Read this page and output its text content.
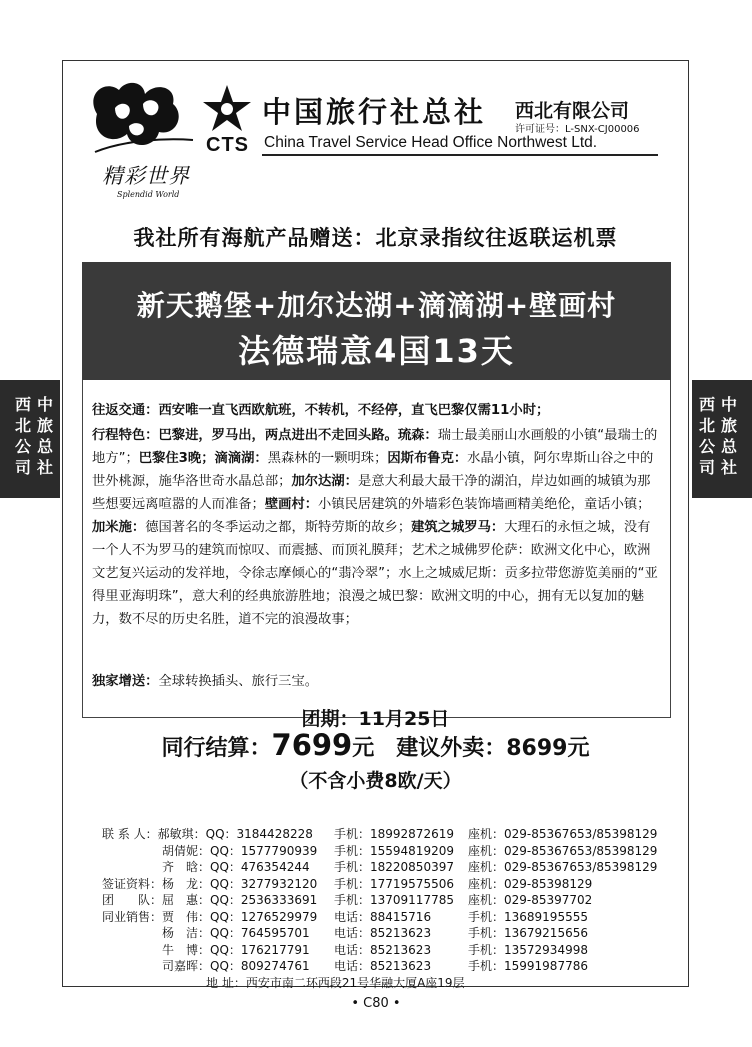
精彩世界
Splendid World
CTS
中国旅行社总社 西北有限公司
许可证号：L-SNX-CJ00006
China Travel Service Head Office Northwest Ltd.
我社所有海航产品赠送：北京录指纹往返联运机票
新天鹅堡+加尔达湖+滴滴湖+壁画村
法德瑞意4国13天
西北公司
中旅总社
西北公司
中旅总社
往返交通：西安唯一直飞西欧航班，不转机，不经停，直飞巴黎仅需11小时；
行程特色：巴黎进，罗马出，两点进出不走回头路。琉森：瑞士最美丽山水画般的小镇“最瑞士的地方”；巴黎住3晚；滴滴湖：黑森林的一颗明珠；因斯布鲁克：水晶小镇，阿尔卑斯山谷之中的世外桃源，施华洛世奇水晶总部；加尔达湖：是意大利最大最干净的湖泊，岸边如画的城镇为那些想要远离喧嚣的人而准备；壁画村：小镇民居建筑的外墙彩色装饰墙画精美绝伦，童话小镇；加米施：德国著名的冬季运动之都，斯特劳斯的故乡；建筑之城罗马：大理石的永恒之城，没有一个人不为罗马的建筑而惊叹、而震撼、而顶礼膜拜；艺术之城佛罗伦萨：欧洲文化中心，欧洲文艺复兴运动的发祥地，令徐志摩倾心的“翡冷翠”；水上之城威尼斯：贡多拉带您游览美丽的“亚得里亚海明珠”，意大利的经典旅游胜地；浪漫之城巴黎：欧洲文明的中心，拥有无以复加的魅力，数不尽的历史名胜，道不完的浪漫故事；
独家增送：全球转换插头、旅行三宝。
团期：11月25日
同行结算：7699元  建议外卖：8699元
（不含小费8欧/天）
联 系 人：郝敏琪：QQ：3184428228 手机：18992872619 座机：029-85367653/85398129
　　　　　胡倩妮：QQ：1577790939 手机：15594819209 座机：029-85367653/85398129
　　　　　齐　晗：QQ：476354244 手机：18220850397 座机：029-85367653/85398129
签证资料：杨　龙：QQ：3277932120 手机：17719575506 座机：029-85398129
团　　队：屈　惠：QQ：2536333691 手机：13709117785 座机：029-85397702
同业销售：贾　伟：QQ：1276529979 电话：88415716	手机：13689195555
　　　　　杨　洁：QQ：764595701 电话：85213623	手机：13679215656
　　　　　牛　博：QQ：176217791 电话：85213623	手机：13572934998
　　　　　司嘉晖：QQ：809274761 电话：85213623	手机：15991987786
地 址：西安市南二环西段21号华融大厦A座19层
• C80 •
